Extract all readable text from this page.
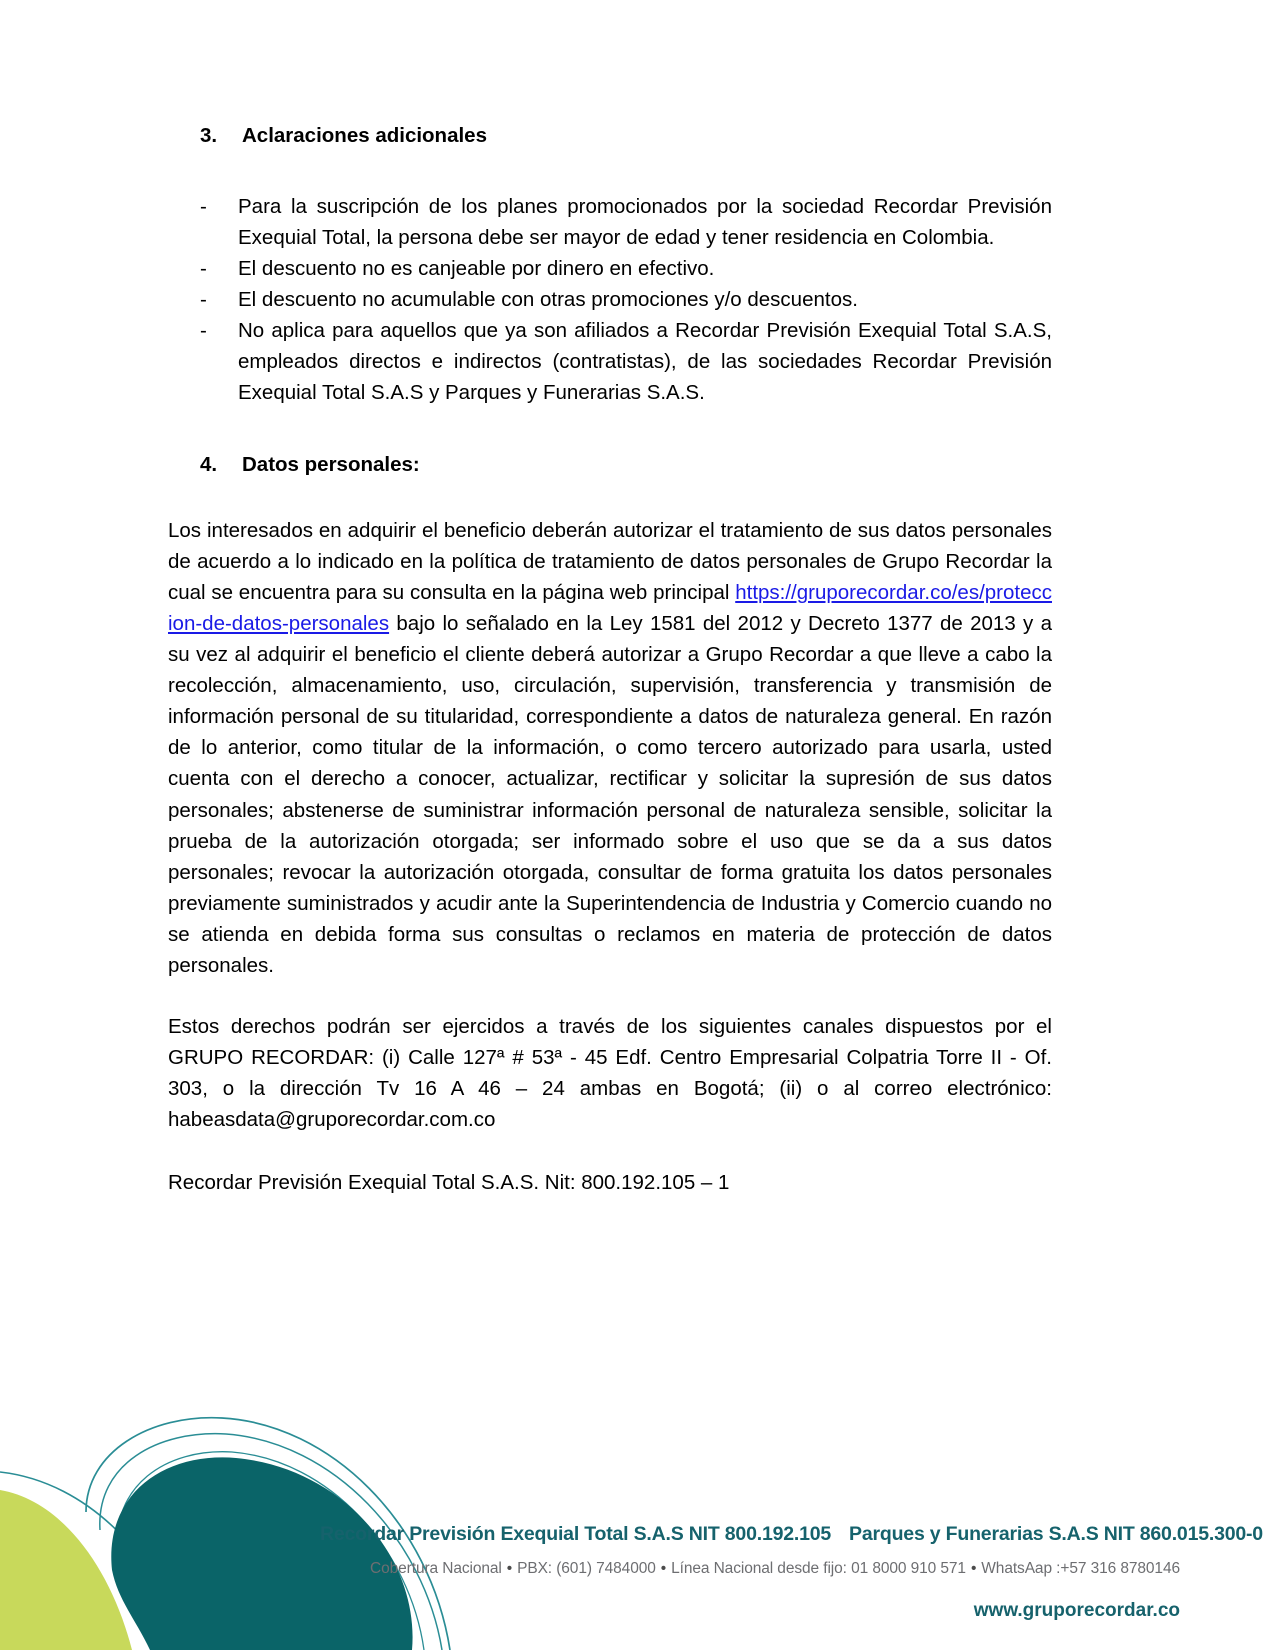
3.	Aclaraciones adicionales
-	Para la suscripción de los planes promocionados por la sociedad Recordar Previsión Exequial Total, la persona debe ser mayor de edad y tener residencia en Colombia.
-	El descuento no es canjeable por dinero en efectivo.
-	El descuento no acumulable con otras promociones y/o descuentos.
-	No aplica para aquellos que ya son afiliados a Recordar Previsión Exequial Total S.A.S, empleados directos e indirectos (contratistas), de las sociedades Recordar Previsión Exequial Total S.A.S y Parques y Funerarias S.A.S.
4.	Datos personales:

Los interesados en adquirir el beneficio deberán autorizar el tratamiento de sus datos personales de acuerdo a lo indicado en la política de tratamiento de datos personales de Grupo Recordar la cual se encuentra para su consulta en la página web principal https://gruporecordar.co/es/proteccion-de-datos-personales bajo lo señalado en la Ley 1581 del 2012 y Decreto 1377 de 2013 y a su vez al adquirir el beneficio el cliente deberá autorizar a Grupo Recordar a que lleve a cabo la recolección, almacenamiento, uso, circulación, supervisión, transferencia y transmisión de información personal de su titularidad, correspondiente a datos de naturaleza general. En razón de lo anterior, como titular de la información, o como tercero autorizado para usarla, usted cuenta con el derecho a conocer, actualizar, rectificar y solicitar la supresión de sus datos personales; abstenerse de suministrar información personal de naturaleza sensible, solicitar la prueba de la autorización otorgada; ser informado sobre el uso que se da a sus datos personales; revocar la autorización otorgada, consultar de forma gratuita los datos personales previamente suministrados y acudir ante la Superintendencia de Industria y Comercio cuando no se atienda en debida forma sus consultas o reclamos en materia de protección de datos personales.

Estos derechos podrán ser ejercidos a través de los siguientes canales dispuestos por el GRUPO RECORDAR: (i) Calle 127ª # 53ª - 45 Edf. Centro Empresarial Colpatria Torre II - Of. 303, o la dirección Tv 16 A 46 – 24 ambas en Bogotá; (ii) o al correo electrónico: habeasdata@gruporecordar.com.co

Recordar Previsión Exequial Total S.A.S. Nit: 800.192.105 – 1

Recordar Previsión Exequial Total S.A.S NIT 800.192.105 Parques y Funerarias S.A.S NIT 860.015.300-0
Cobertura Nacional • PBX: (601) 7484000 • Línea Nacional desde fijo: 01 8000 910 571 • WhatsAap :+57 316 8780146
www.gruporecordar.co
